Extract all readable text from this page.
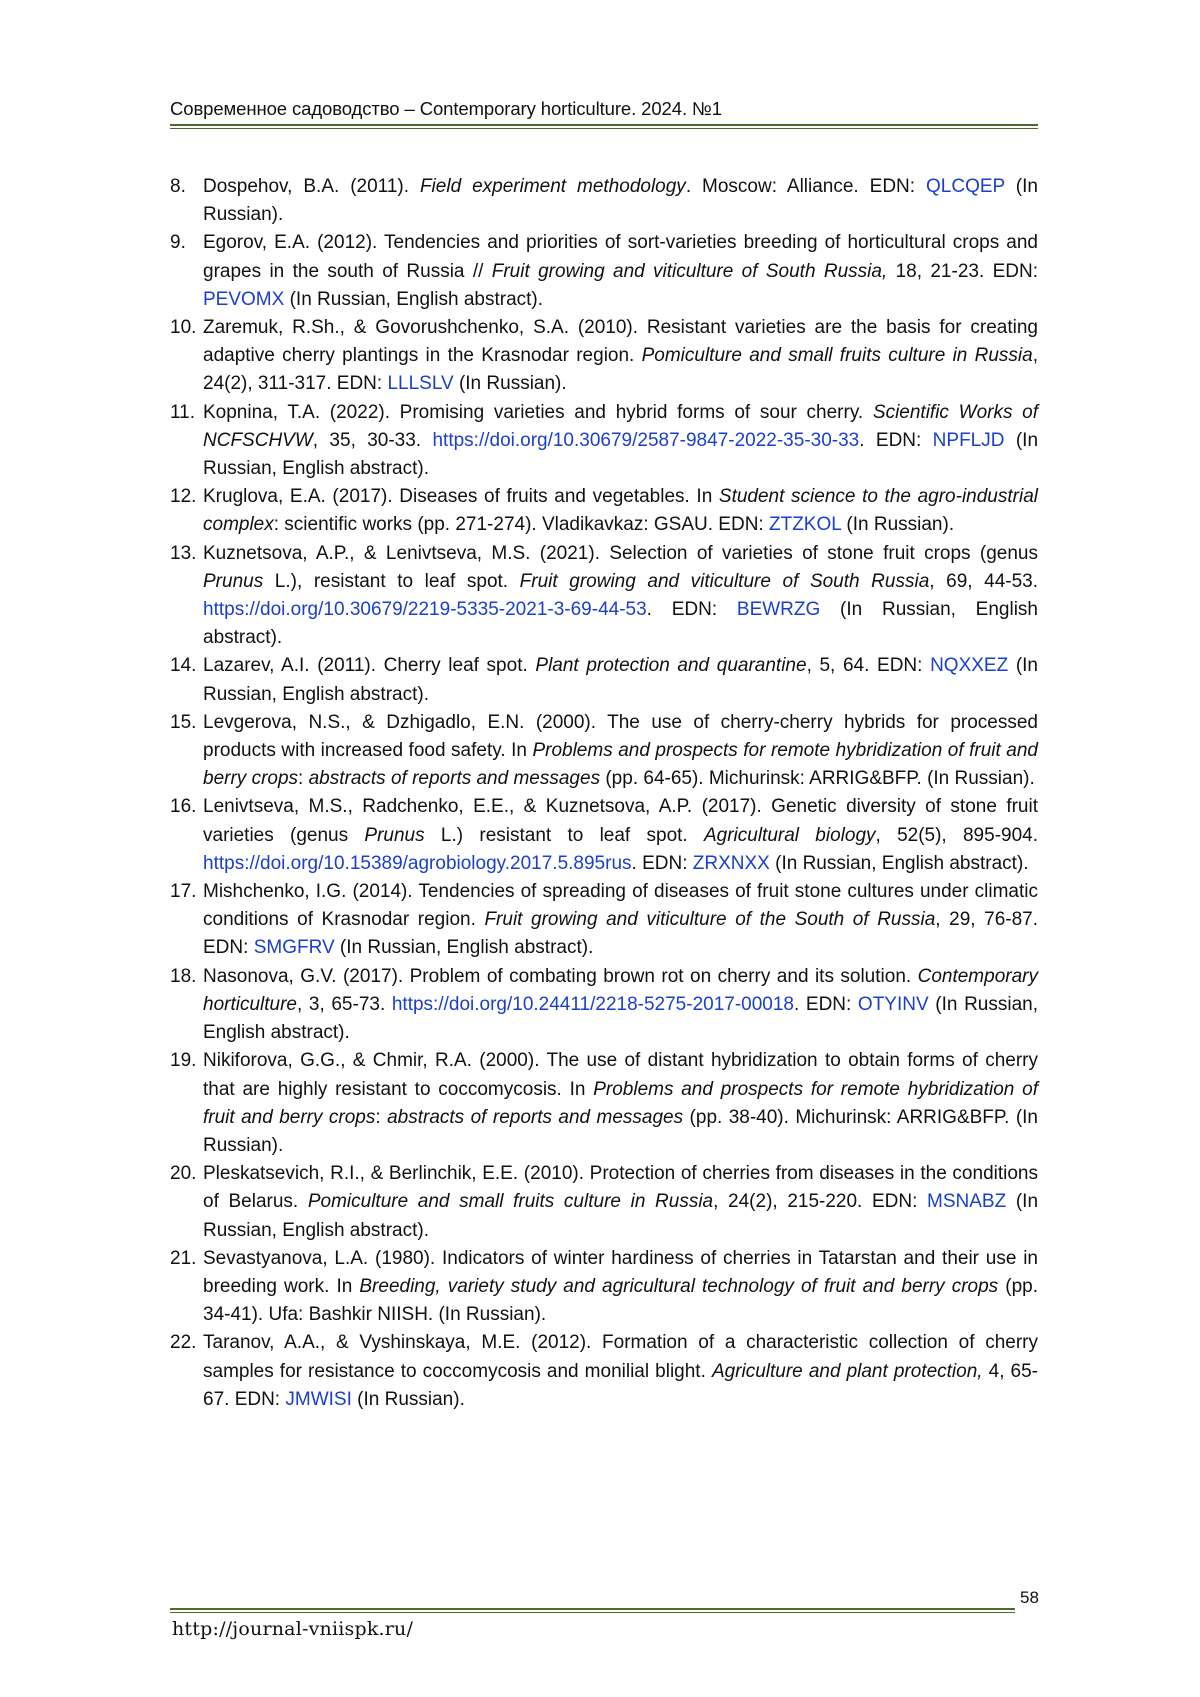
Современное садоводство – Contemporary horticulture. 2024. №1
8. Dospehov, B.A. (2011). Field experiment methodology. Moscow: Alliance. EDN: QLCQEP (In Russian).
9. Egorov, E.A. (2012). Tendencies and priorities of sort-varieties breeding of horticultural crops and grapes in the south of Russia // Fruit growing and viticulture of South Russia, 18, 21-23. EDN: PEVOMX (In Russian, English abstract).
10. Zaremuk, R.Sh., & Govorushchenko, S.A. (2010). Resistant varieties are the basis for creating adaptive cherry plantings in the Krasnodar region. Pomiculture and small fruits culture in Russia, 24(2), 311-317. EDN: LLLSLV (In Russian).
11. Kopnina, T.A. (2022). Promising varieties and hybrid forms of sour cherry. Scientific Works of NCFSCHVW, 35, 30-33. https://doi.org/10.30679/2587-9847-2022-35-30-33. EDN: NPFLJD (In Russian, English abstract).
12. Kruglova, E.A. (2017). Diseases of fruits and vegetables. In Student science to the agro-industrial complex: scientific works (pp. 271-274). Vladikavkaz: GSAU. EDN: ZTZKOL (In Russian).
13. Kuznetsova, A.P., & Lenivtseva, M.S. (2021). Selection of varieties of stone fruit crops (genus Prunus L.), resistant to leaf spot. Fruit growing and viticulture of South Russia, 69, 44-53. https://doi.org/10.30679/2219-5335-2021-3-69-44-53. EDN: BEWRZG (In Russian, English abstract).
14. Lazarev, A.I. (2011). Cherry leaf spot. Plant protection and quarantine, 5, 64. EDN: NQXXEZ (In Russian, English abstract).
15. Levgerova, N.S., & Dzhigadlo, E.N. (2000). The use of cherry-cherry hybrids for processed products with increased food safety. In Problems and prospects for remote hybridization of fruit and berry crops: abstracts of reports and messages (pp. 64-65). Michurinsk: ARRIG&BFP. (In Russian).
16. Lenivtseva, M.S., Radchenko, E.E., & Kuznetsova, A.P. (2017). Genetic diversity of stone fruit varieties (genus Prunus L.) resistant to leaf spot. Agricultural biology, 52(5), 895-904. https://doi.org/10.15389/agrobiology.2017.5.895rus. EDN: ZRXNXX (In Russian, English abstract).
17. Mishchenko, I.G. (2014). Tendencies of spreading of diseases of fruit stone cultures under climatic conditions of Krasnodar region. Fruit growing and viticulture of the South of Russia, 29, 76-87. EDN: SMGFRV (In Russian, English abstract).
18. Nasonova, G.V. (2017). Problem of combating brown rot on cherry and its solution. Contemporary horticulture, 3, 65-73. https://doi.org/10.24411/2218-5275-2017-00018. EDN: OTYINV (In Russian, English abstract).
19. Nikiforova, G.G., & Chmir, R.A. (2000). The use of distant hybridization to obtain forms of cherry that are highly resistant to coccomycosis. In Problems and prospects for remote hybridization of fruit and berry crops: abstracts of reports and messages (pp. 38-40). Michurinsk: ARRIG&BFP. (In Russian).
20. Pleskatsevich, R.I., & Berlinchik, E.E. (2010). Protection of cherries from diseases in the conditions of Belarus. Pomiculture and small fruits culture in Russia, 24(2), 215-220. EDN: MSNABZ (In Russian, English abstract).
21. Sevastyanova, L.A. (1980). Indicators of winter hardiness of cherries in Tatarstan and their use in breeding work. In Breeding, variety study and agricultural technology of fruit and berry crops (pp. 34-41). Ufa: Bashkir NIISH. (In Russian).
22. Taranov, A.A., & Vyshinskaya, M.E. (2012). Formation of a characteristic collection of cherry samples for resistance to coccomycosis and monilial blight. Agriculture and plant protection, 4, 65-67. EDN: JMWISI (In Russian).
58
http://journal-vniispk.ru/
